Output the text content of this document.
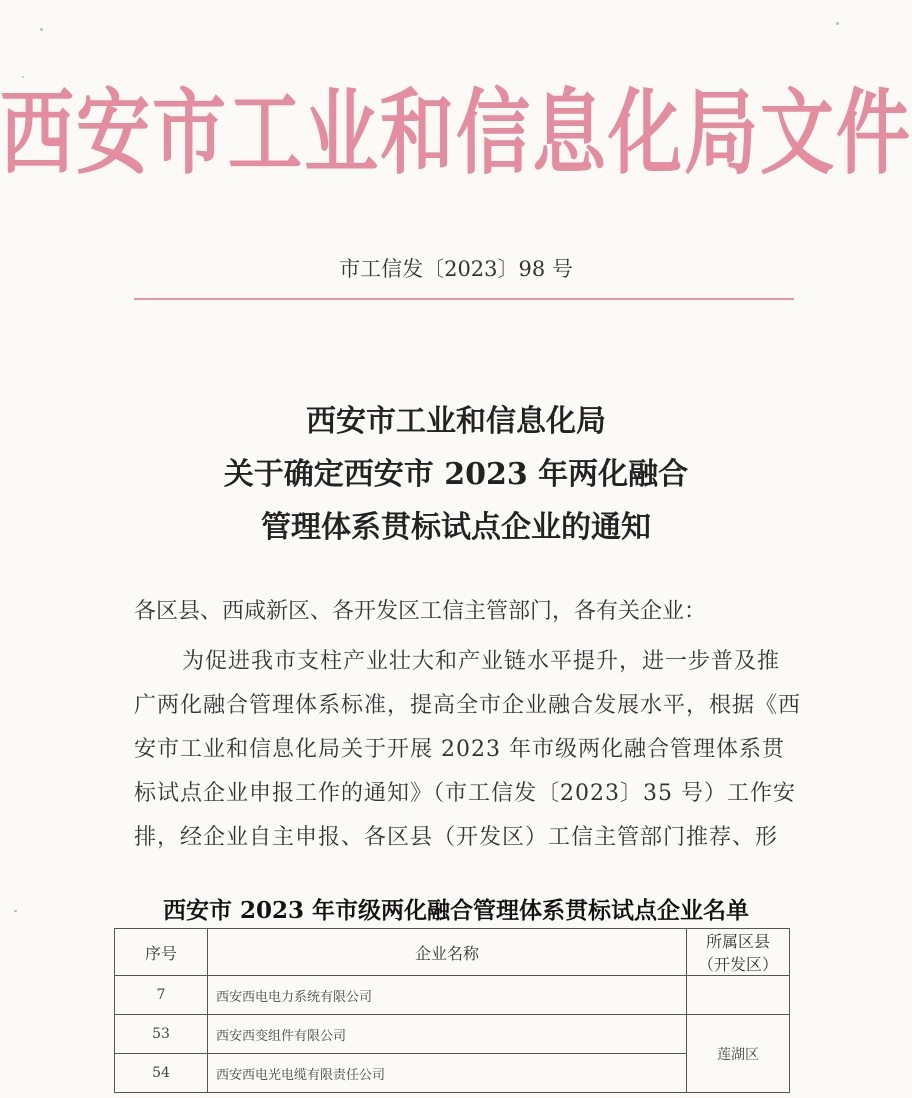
西安市工业和信息化局文件
市工信发〔2023〕98 号
西安市工业和信息化局
关于确定西安市 2023 年两化融合
管理体系贯标试点企业的通知
各区县、西咸新区、各开发区工信主管部门，各有关企业：
为促进我市支柱产业壮大和产业链水平提升，进一步普及推
广两化融合管理体系标准，提高全市企业融合发展水平，根据《西
安市工业和信息化局关于开展 2023 年市级两化融合管理体系贯
标试点企业申报工作的通知》（市工信发〔2023〕35 号）工作安
排，经企业自主申报、各区县（开发区）工信主管部门推荐、形
西安市 2023 年市级两化融合管理体系贯标试点企业名单
序号	企业名称	所属区县
（开发区）
7	西安西电电力系统有限公司	
53	西安西变组件有限公司	莲湖区
54	西安西电光电缆有限责任公司	
